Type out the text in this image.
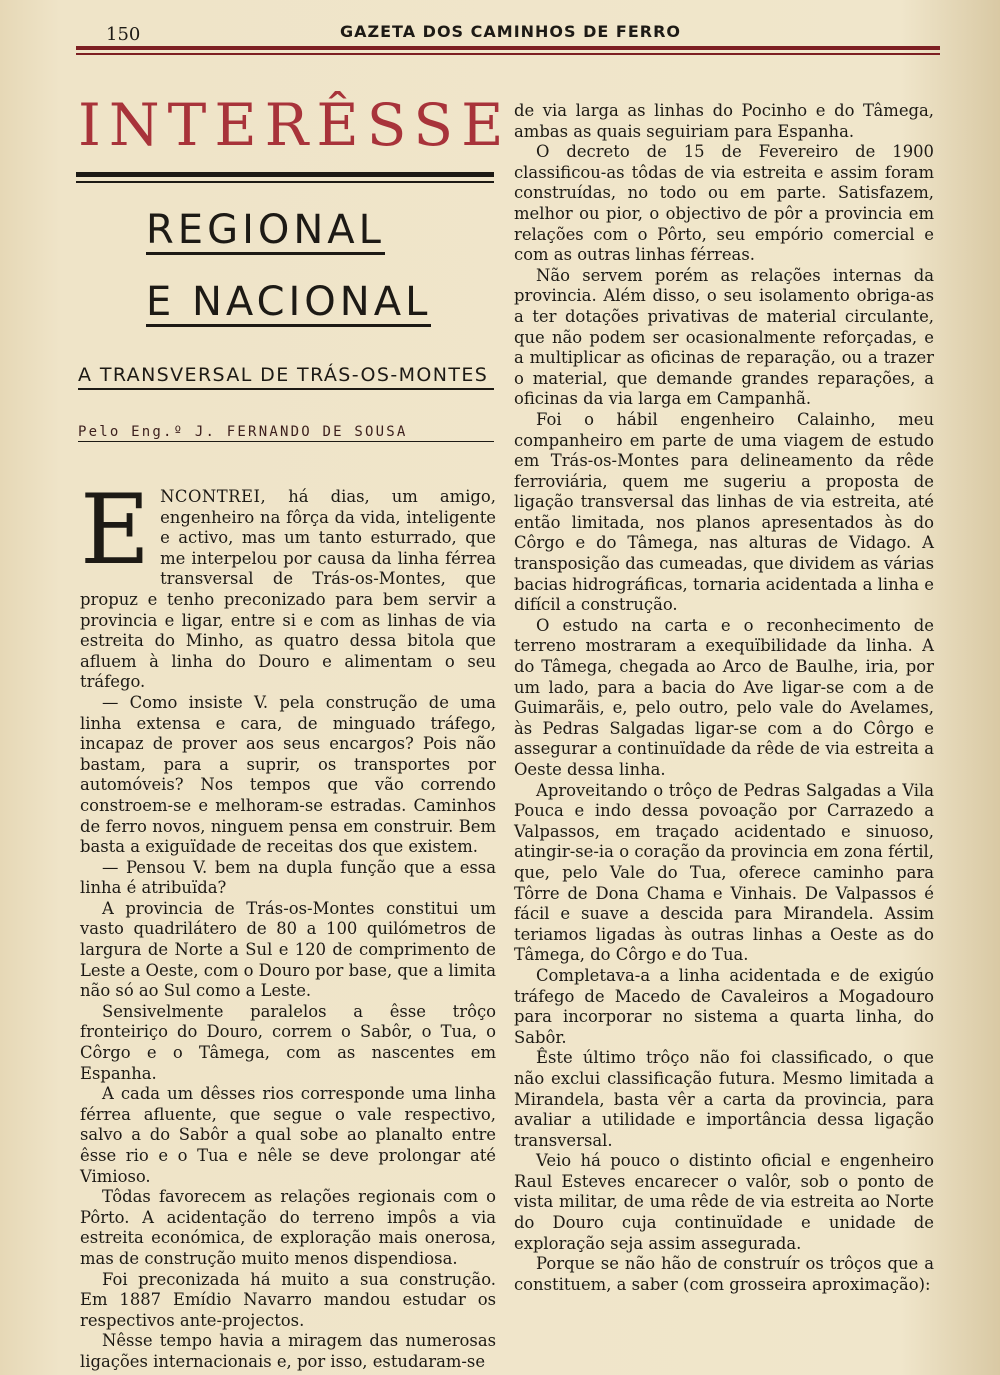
150	GAZETA DOS CAMINHOS DE FERRO
INTERÊSSE
REGIONAL
E NACIONAL
A TRANSVERSAL DE TRÁS-OS-MONTES
Pelo Eng.º J. FERNANDO DE SOUSA

ENCONTREI, há dias, um amigo, engenheiro na fôrça da vida, inteligente e activo, mas um tanto esturrado, que me interpelou por causa da linha férrea transversal de Trás-os-Montes, que propuz e tenho preconizado para bem servir a provincia e ligar, entre si e com as linhas de via estreita do Minho, as quatro dessa bitola que afluem à linha do Douro e alimentam o seu tráfego.

— Como insiste V. pela construção de uma linha extensa e cara, de minguado tráfego, incapaz de prover aos seus encargos? Pois não bastam, para a suprir, os transportes por automóveis? Nos tempos que vão correndo constroem-se e melhoram-se estradas. Caminhos de ferro novos, ninguem pensa em construir. Bem basta a exiguïdade de receitas dos que existem.

— Pensou V. bem na dupla função que a essa linha é atribuïda?

A provincia de Trás-os-Montes constitui um vasto quadrilátero de 80 a 100 quilómetros de largura de Norte a Sul e 120 de comprimento de Leste a Oeste, com o Douro por base, que a limita não só ao Sul como a Leste.

Sensivelmente paralelos a êsse trôço fronteiriço do Douro, correm o Sabôr, o Tua, o Côrgo e o Tâmega, com as nascentes em Espanha.

A cada um dêsses rios corresponde uma linha férrea afluente, que segue o vale respectivo, salvo a do Sabôr a qual sobe ao planalto entre êsse rio e o Tua e nêle se deve prolongar até Vimioso.

Tôdas favorecem as relações regionais com o Pôrto. A acidentação do terreno impôs a via estreita económica, de exploração mais onerosa, mas de construção muito menos dispendiosa.

Foi preconizada há muito a sua construção. Em 1887 Emídio Navarro mandou estudar os respectivos ante-projectos.

Nêsse tempo havia a miragem das numerosas ligações internacionais e, por isso, estudaram-se

de via larga as linhas do Pocinho e do Tâmega, ambas as quais seguiriam para Espanha.

O decreto de 15 de Fevereiro de 1900 classificou-as tôdas de via estreita e assim foram construídas, no todo ou em parte. Satisfazem, melhor ou pior, o objectivo de pôr a provincia em relações com o Pôrto, seu empório comercial e com as outras linhas férreas.

Não servem porém as relações internas da provincia. Além disso, o seu isolamento obriga-as a ter dotações privativas de material circulante, que não podem ser ocasionalmente reforçadas, e a multiplicar as oficinas de reparação, ou a trazer o material, que demande grandes reparações, a oficinas da via larga em Campanhã.

Foi o hábil engenheiro Calainho, meu companheiro em parte de uma viagem de estudo em Trás-os-Montes para delineamento da rêde ferroviária, quem me sugeriu a proposta de ligação transversal das linhas de via estreita, até então limitada, nos planos apresentados às do Côrgo e do Tâmega, nas alturas de Vidago. A transposição das cumeadas, que dividem as várias bacias hidrográficas, tornaria acidentada a linha e difícil a construção.

O estudo na carta e o reconhecimento de terreno mostraram a exequïbilidade da linha. A do Tâmega, chegada ao Arco de Baulhe, iria, por um lado, para a bacia do Ave ligar-se com a de Guimarãis, e, pelo outro, pelo vale do Avelames, às Pedras Salgadas ligar-se com a do Côrgo e assegurar a continuïdade da rêde de via estreita a Oeste dessa linha.

Aproveitando o trôço de Pedras Salgadas a Vila Pouca e indo dessa povoação por Carrazedo a Valpassos, em traçado acidentado e sinuoso, atingir-se-ia o coração da provincia em zona fértil, que, pelo Vale do Tua, oferece caminho para Tôrre de Dona Chama e Vinhais. De Valpassos é fácil e suave a descida para Mirandela. Assim teriamos ligadas às outras linhas a Oeste as do Tâmega, do Côrgo e do Tua.

Completava-a a linha acidentada e de exigúo tráfego de Macedo de Cavaleiros a Mogadouro para incorporar no sistema a quarta linha, do Sabôr.

Êste último trôço não foi classificado, o que não exclui classificação futura. Mesmo limitada a Mirandela, basta vêr a carta da provincia, para avaliar a utilidade e importância dessa ligação transversal.

Veio há pouco o distinto oficial e engenheiro Raul Esteves encarecer o valôr, sob o ponto de vista militar, de uma rêde de via estreita ao Norte do Douro cuja continuïdade e unidade de exploração seja assim assegurada.

Porque se não hão de construír os trôços que a constituem, a saber (com grosseira aproximação):
